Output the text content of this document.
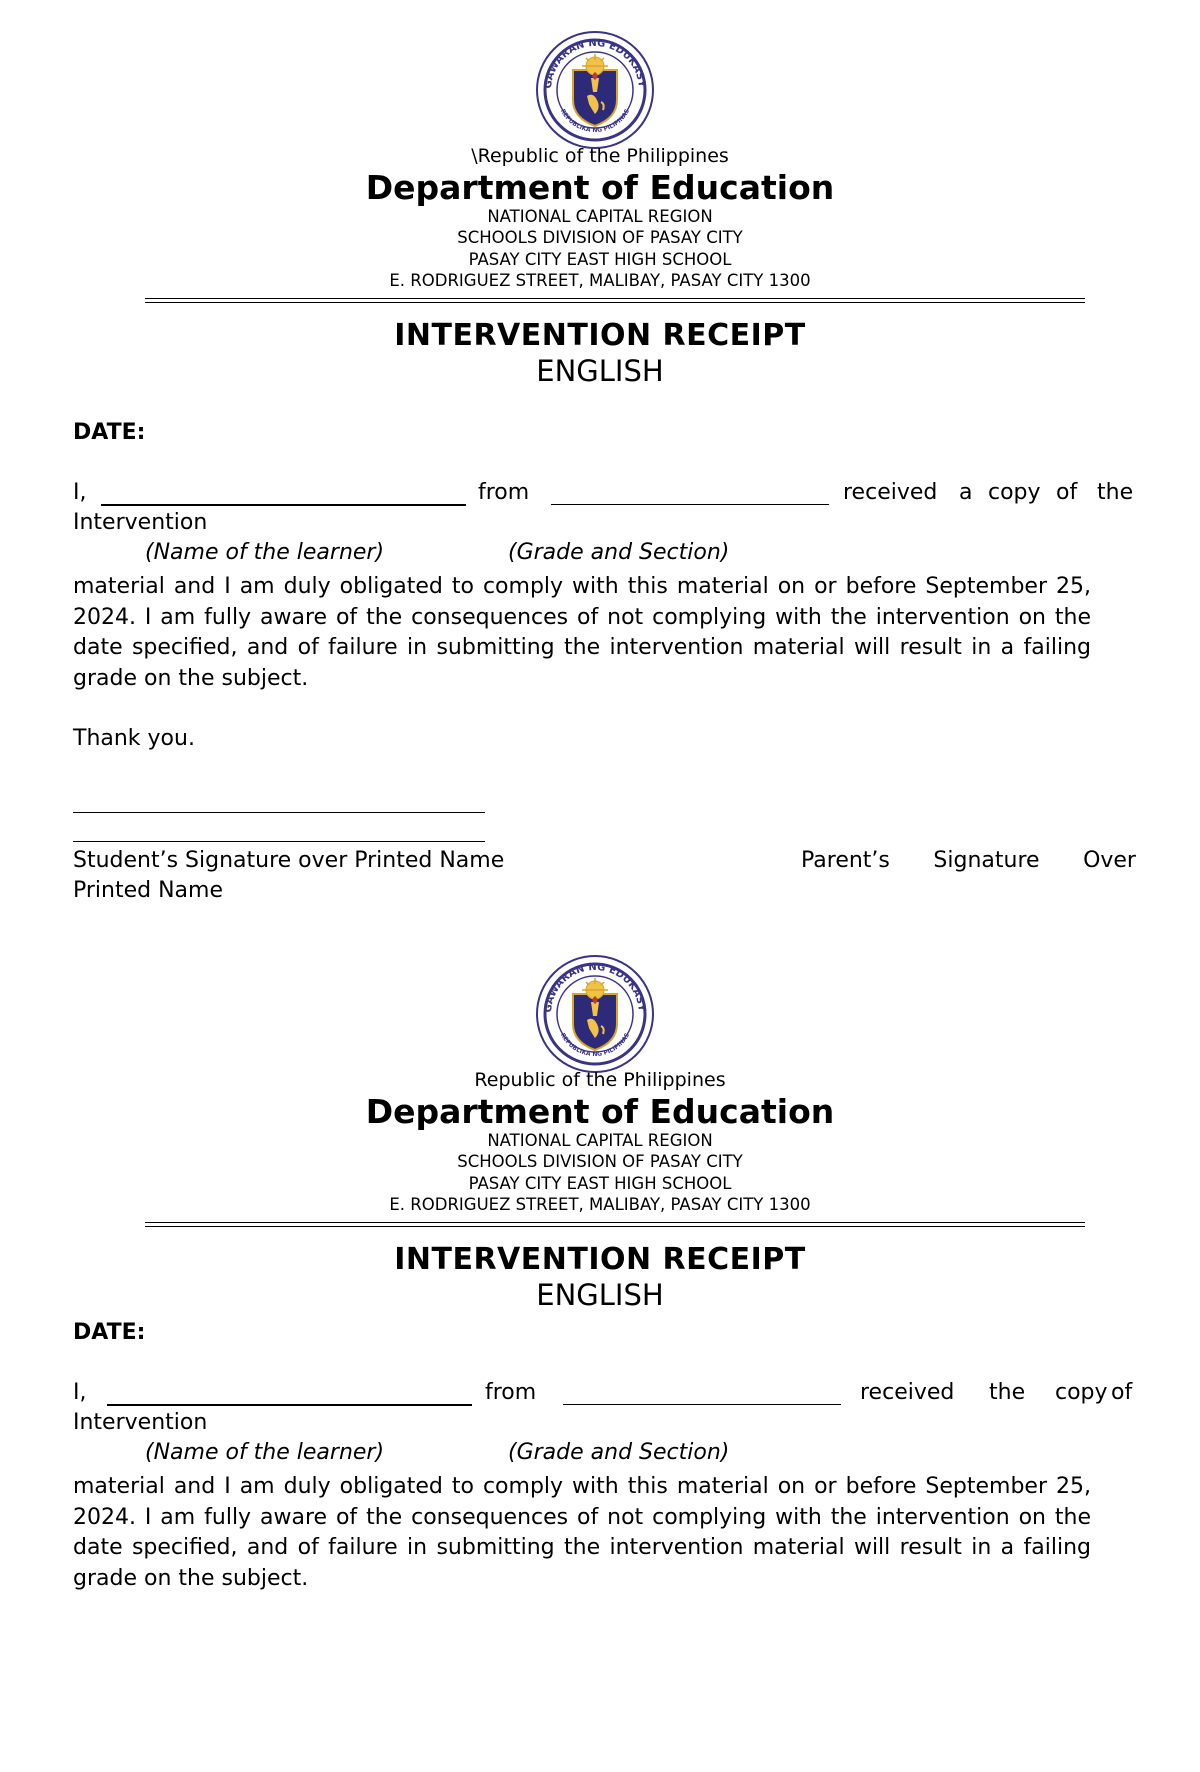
GAWARAN NG EDUKASY
REPUBLIKA NG PILIPINAS
\Republic of the Philippines
Department of Education
NATIONAL CAPITAL REGION
SCHOOLS DIVISION OF PASAY CITY
PASAY CITY EAST HIGH SCHOOL
E. RODRIGUEZ STREET, MALIBAY, PASAY CITY 1300
INTERVENTION RECEIPT
ENGLISH
DATE:
I,	from	received a copy of the
Intervention
(Name of the learner)	(Grade and Section)
material and I am duly obligated to comply with this material on or before September 25, 2024. I am fully aware of the consequences of not complying with the intervention on the date specified, and of failure in submitting the intervention material will result in a failing grade on the subject.
Thank you.
Student’s Signature over Printed Name	Parent’s Signature Over
Printed Name
GAWARAN NG EDUKASY
REPUBLIKA NG PILIPINAS
Republic of the Philippines
Department of Education
NATIONAL CAPITAL REGION
SCHOOLS DIVISION OF PASAY CITY
PASAY CITY EAST HIGH SCHOOL
E. RODRIGUEZ STREET, MALIBAY, PASAY CITY 1300
INTERVENTION RECEIPT
ENGLISH
DATE:
I,	from	received the copy of
Intervention
(Name of the learner)	(Grade and Section)
material and I am duly obligated to comply with this material on or before September 25, 2024. I am fully aware of the consequences of not complying with the intervention on the date specified, and of failure in submitting the intervention material will result in a failing grade on the subject.
